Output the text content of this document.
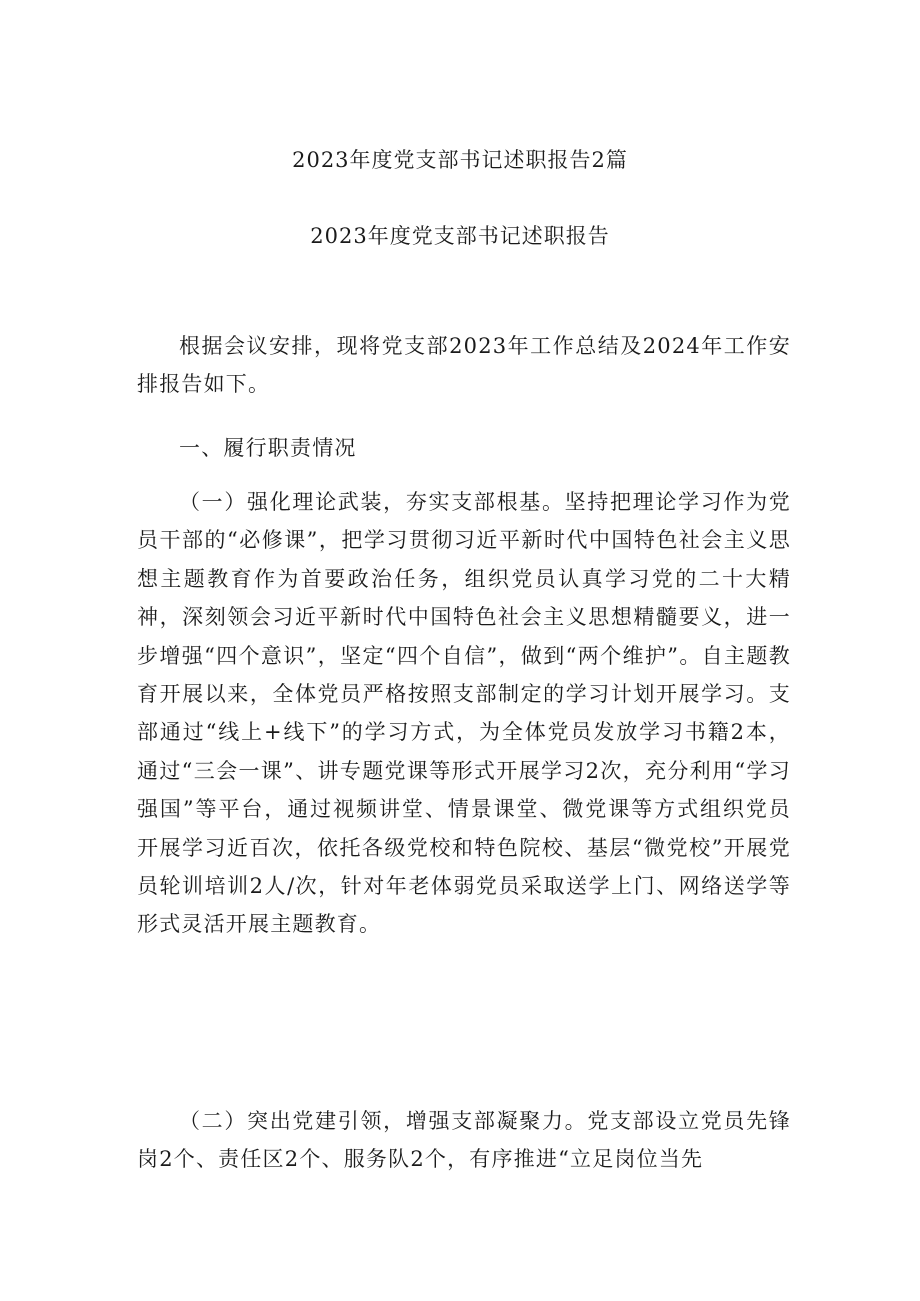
2023年度党支部书记述职报告2篇
2023年度党支部书记述职报告

根据会议安排，现将党支部2023年工作总结及2024年工作安排报告如下。

一、履行职责情况

（一）强化理论武装，夯实支部根基。坚持把理论学习作为党员干部的“必修课”，把学习贯彻习近平新时代中国特色社会主义思想主题教育作为首要政治任务，组织党员认真学习党的二十大精神，深刻领会习近平新时代中国特色社会主义思想精髓要义，进一步增强“四个意识”，坚定“四个自信”，做到“两个维护”。自主题教育开展以来，全体党员严格按照支部制定的学习计划开展学习。支部通过“线上+线下”的学习方式，为全体党员发放学习书籍2本，通过“三会一课”、讲专题党课等形式开展学习2次，充分利用“学习强国”等平台，通过视频讲堂、情景课堂、微党课等方式组织党员开展学习近百次，依托各级党校和特色院校、基层“微党校”开展党员轮训培训2人/次，针对年老体弱党员采取送学上门、网络送学等形式灵活开展主题教育。

（二）突出党建引领，增强支部凝聚力。党支部设立党员先锋岗2个、责任区2个、服务队2个，有序推进“立足岗位当先
